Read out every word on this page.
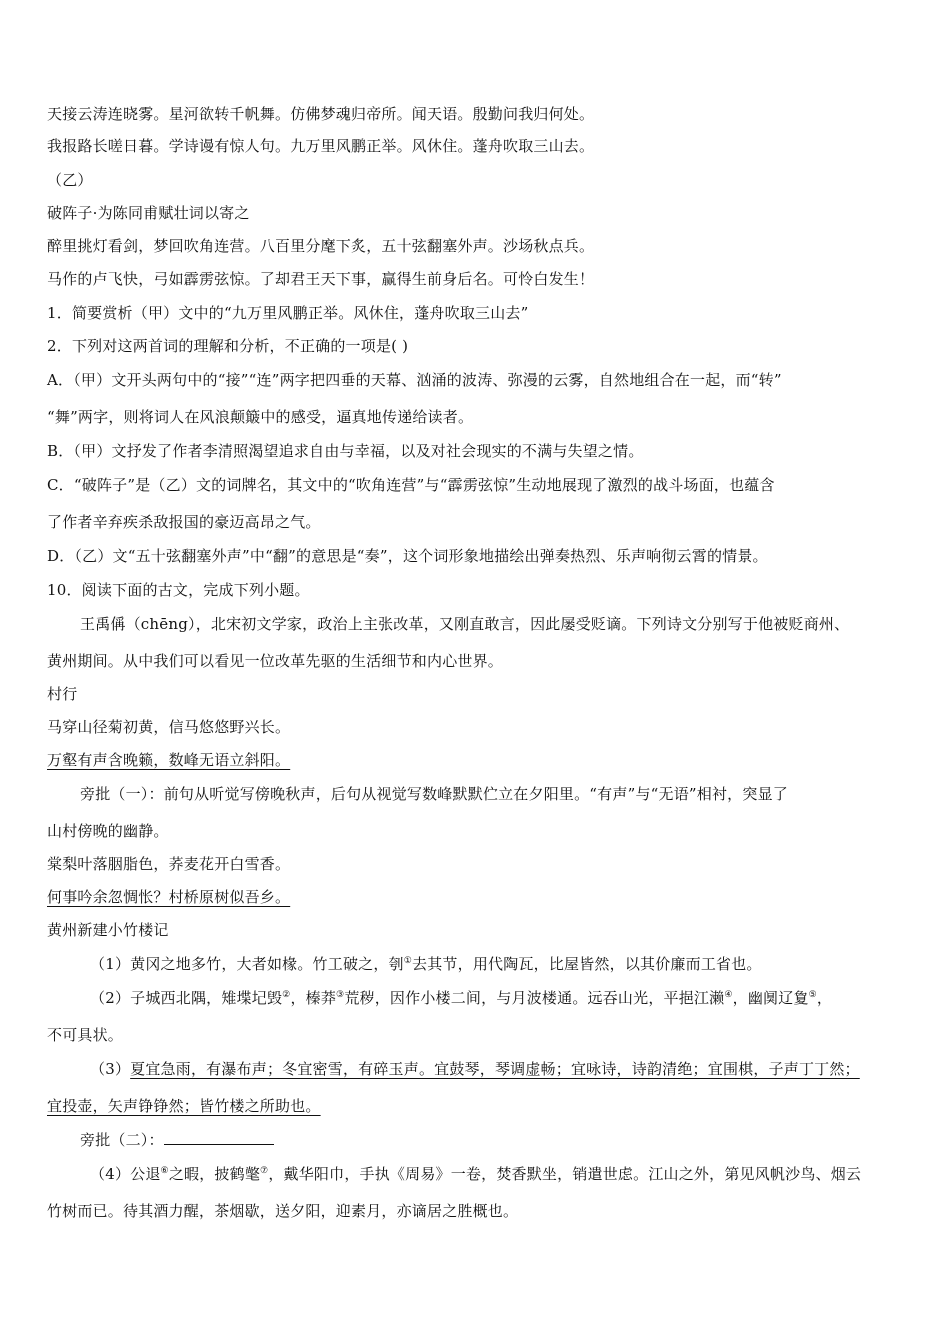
天接云涛连晓雾。星河欲转千帆舞。仿佛梦魂归帝所。闻天语。殷勤问我归何处。
我报路长嗟日暮。学诗谩有惊人句。九万里风鹏正举。风休住。蓬舟吹取三山去。
（乙）
破阵子·为陈同甫赋壮词以寄之
醉里挑灯看剑，梦回吹角连营。八百里分麾下炙，五十弦翻塞外声。沙场秋点兵。
马作的卢飞快，弓如霹雳弦惊。了却君王天下事，赢得生前身后名。可怜白发生！
1．简要赏析（甲）文中的“九万里风鹏正举。风休住，蓬舟吹取三山去”
2．下列对这两首词的理解和分析，不正确的一项是( )
A．（甲）文开头两句中的“接”“连”两字把四垂的天幕、汹涌的波涛、弥漫的云雾，自然地组合在一起，而“转”
“舞”两字，则将词人在风浪颠簸中的感受，逼真地传递给读者。
B．（甲）文抒发了作者李清照渴望追求自由与幸福，以及对社会现实的不满与失望之情。
C．“破阵子”是（乙）文的词牌名，其文中的“吹角连营”与“霹雳弦惊”生动地展现了激烈的战斗场面，也蕴含
了作者辛弃疾杀敌报国的豪迈高昂之气。
D．（乙）文“五十弦翻塞外声”中“翻”的意思是“奏”，这个词形象地描绘出弹奏热烈、乐声响彻云霄的情景。
10．阅读下面的古文，完成下列小题。
王禹偁（chēng），北宋初文学家，政治上主张改革，又刚直敢言，因此屡受贬谪。下列诗文分别写于他被贬商州、
黄州期间。从中我们可以看见一位改革先驱的生活细节和内心世界。
村行
马穿山径菊初黄，信马悠悠野兴长。
万壑有声含晚籁，数峰无语立斜阳。
旁批（一）：前句从听觉写傍晚秋声，后句从视觉写数峰默默伫立在夕阳里。“有声”与“无语”相衬，突显了
山村傍晚的幽静。
棠梨叶落胭脂色，荞麦花开白雪香。
何事吟余忽惆怅？村桥原树似吾乡。
黄州新建小竹楼记
（1）黄冈之地多竹，大者如椽。竹工破之，刳①去其节，用代陶瓦，比屋皆然，以其价廉而工省也。
（2）子城西北隅，雉堞圮毁②，榛莽③荒秽，因作小楼二间，与月波楼通。远吞山光，平挹江濑④，幽阒辽夐⑤，
不可具状。
（3）夏宜急雨，有瀑布声；冬宜密雪，有碎玉声。宜鼓琴，琴调虚畅；宜咏诗，诗韵清绝；宜围棋，子声丁丁然；
宜投壶，矢声铮铮然；皆竹楼之所助也。
旁批（二）：
（4）公退⑥之暇，披鹤氅⑦，戴华阳巾，手执《周易》一卷，焚香默坐，销遣世虑。江山之外，第见风帆沙鸟、烟云
竹树而已。待其酒力醒，茶烟歇，送夕阳，迎素月，亦谪居之胜概也。
